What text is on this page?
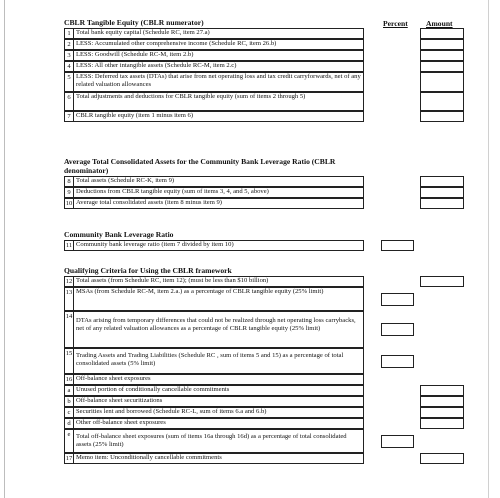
Percent Amount
CBLR Tangible Equity (CBLR numerator)
1 Total bank equity capital (Schedule RC, item 27.a)
2 LESS: Accumulated other comprehensive income (Schedule RC, item 26.b)
3 LESS: Goodwill (Schedule RC-M, item 2.b)
4 LESS: All other intangible assets (Schedule RC-M, item 2.c)
5 LESS: Deferred tax assets (DTAs) that arise from net operating loss and tax credit carryforwards, net of any related valuation allowances
6 Total adjustments and deductions for CBLR tangible equity (sum of items 2 through 5)
7 CBLR tangible equity (item 1 minus item 6)
Average Total Consolidated Assets for the Community Bank Leverage Ratio (CBLR denominator)
8 Total assets (Schedule RC-K, item 9)
9 Deductions from CBLR tangible equity (sum of items 3, 4, and 5, above)
10 Average total consolidated assets (item 8 minus item 9)
Community Bank Leverage Ratio
11 Community bank leverage ratio (item 7 divided by item 10)
Qualifying Criteria for Using the CBLR framework
12 Total assets (from Schedule RC, item 12); (must be less than $10 billion)
13 MSAs (from Schedule RC-M, item 2.a.) as a percentage of CBLR tangible equity (25% limit)
14
DTAs arising from temporary differences that could not be realized through net operating loss carrybacks, net of any related valuation allowances as a percentage of CBLR tangible equity (25% limit)
15 Trading Assets and Trading Liabilities (Schedule RC , sum of items 5 and 15) as a percentage of total consolidated assets (5% limit)
16 Off-balance sheet exposures
a Unused portion of conditionally cancellable commitments
b Off-balance sheet securitizations
c Securities lent and borrowed (Schedule RC-L, sum of items 6.a and 6.b)
d Other off-balance sheet exposures
e Total off-balance sheet exposures (sum of items 16a through 16d) as a percentage of total consolidated assets (25% limit)
17 Memo item: Unconditionally cancellable commitments
